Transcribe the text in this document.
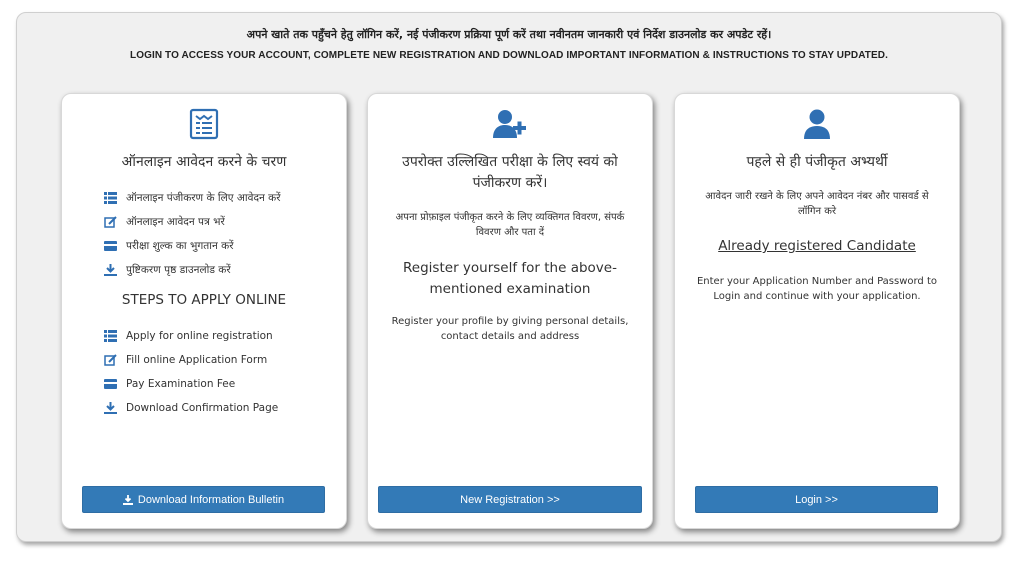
अपने खाते तक पहुँचने हेतु लॉगिन करें, नई पंजीकरण प्रक्रिया पूर्ण करें तथा नवीनतम जानकारी एवं निर्देश डाउनलोड कर अपडेट रहें।
LOGIN TO ACCESS YOUR ACCOUNT, COMPLETE NEW REGISTRATION AND DOWNLOAD IMPORTANT INFORMATION & INSTRUCTIONS TO STAY UPDATED.
ऑनलाइन आवेदन करने के चरण
ऑनलाइन पंजीकरण के लिए आवेदन करें
ऑनलाइन आवेदन पत्र भरें
परीक्षा शुल्क का भुगतान करें
पुष्टिकरण पृष्ठ डाउनलोड करें
STEPS TO APPLY ONLINE
Apply for online registration
Fill online Application Form
Pay Examination Fee
Download Confirmation Page
Download Information Bulletin
उपरोक्त उल्लिखित परीक्षा के लिए स्वयं को पंजीकरण करें।
अपना प्रोफ़ाइल पंजीकृत करने के लिए व्यक्तिगत विवरण, संपर्क विवरण और पता दें
Register yourself for the above-mentioned examination
Register your profile by giving personal details, contact details and address
New Registration >>
पहले से ही पंजीकृत अभ्यर्थी
आवेदन जारी रखने के लिए अपने आवेदन नंबर और पासवर्ड से लॉगिन करे
Already registered Candidate
Enter your Application Number and Password to Login and continue with your application.
Login >>
